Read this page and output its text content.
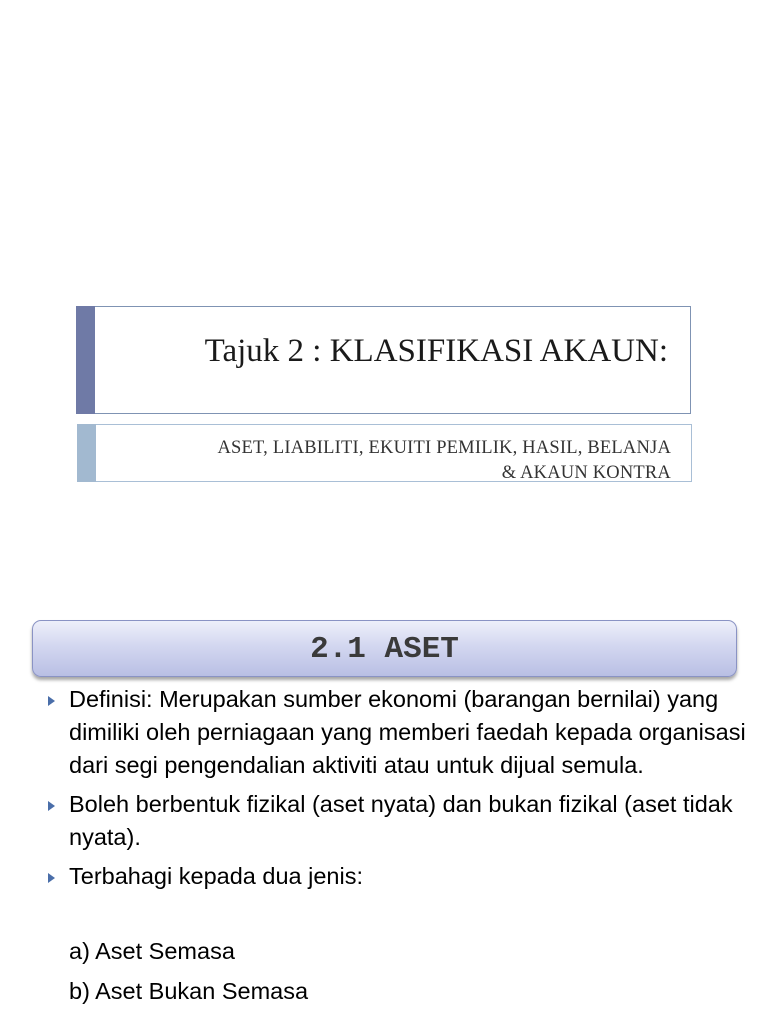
Tajuk 2 : KLASIFIKASI AKAUN:
ASET, LIABILITI, EKUITI PEMILIK, HASIL, BELANJA
& AKAUN KONTRA
2.1 ASET
Definisi: Merupakan sumber ekonomi (barangan bernilai) yang dimiliki oleh perniagaan yang memberi faedah kepada organisasi dari segi pengendalian aktiviti atau untuk dijual semula.
Boleh berbentuk fizikal (aset nyata) dan bukan fizikal (aset tidak nyata).
Terbahagi kepada dua jenis:
a) Aset Semasa
b) Aset Bukan Semasa
